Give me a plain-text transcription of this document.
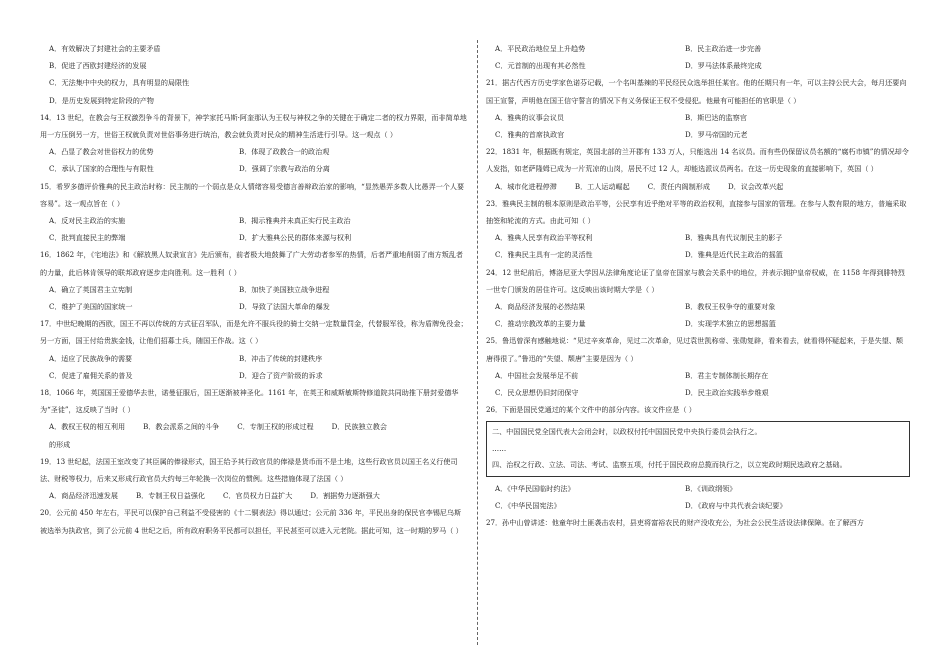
A．有效解决了封建社会的主要矛盾
B．促进了西欧封建经济的发展
C．无法集中中央的权力，具有明显的局限性
D．是历史发展到特定阶段的产物
14．13 世纪，在教会与王权激烈争斗的背景下，神学家托马斯·阿奎那认为王权与神权之争的关键在于确定二者的权力界限，而非简单地用一方压倒另一方，世俗王权就负责对世俗事务进行统治，教会就负责对民众的精神生活进行引导。这一观点（ ）
A．凸显了教会对世俗权力的优势	B．体现了政教合一的政治观
C．承认了国家的合理性与有限性	D．强调了宗教与政治的分离
15．希罗多德评价雅典的民主政治时称：民主制的一个弱点是众人情绪容易受德言善辩政治家的影响，“显然愚弄多数人比愚弄一个人要容易”。这一观点旨在（ ）
A．反对民主政治的实施	B．揭示雅典并未真正实行民主政治
C．批判直接民主的弊端	D．扩大雅典公民的群体来源与权利
16．1862 年，《宅地法》和《解放黑人奴隶宣言》先后颁布，前者极大地鼓舞了广大劳动者参军的热情，后者严重地削弱了南方叛乱者的力量，此后林肯领导的联邦政府逐步走向胜利。这一胜利（ ）
A．确立了英国君主立宪制	B．加快了美国独立战争进程
C．维护了美国的国家统一	D．导致了法国大革命的爆发
17．中世纪晚期的西欧，国王不再以传统的方式征召军队，而是允许不服兵役的骑士交纳一定数量罚金，代替服军役，称为盾牌免役金；另一方面，国王付给贵族金钱，让他们招募士兵，随国王作战。这（ ）
A．适应了民族战争的需要	B．冲击了传统的封建秩序
C．促进了雇佣关系的普及	D．迎合了资产阶级的诉求
18．1066 年，英国国王爱德华去世，诺曼征服后，国王逐渐被神圣化。1161 年，在英王和威斯敏斯特修道院共同助推下册封爱德华为“圣徒”，这反映了当时（ ）
A．教权王权的相互利用	B．教会派系之间的斗争	C．专制王权的形成过程	D．民族独立教会
的形成
19．13 世纪起，法国王室改变了其臣属的俸禄形式，国王给予其行政官员的俸禄是货币而不是土地，这些行政官员以国王名义行使司法、财税等权力，后来又形成行政官员大约每三年轮换一次岗位的惯例。这些措施体现了法国（ ）
A．商品经济迅速发展	B．专制王权日益强化	C．官员权力日益扩大	D．割据势力逐渐强大
20．公元前 450 年左右，平民可以保护自己利益不受侵害的《十二铜表法》得以通过；公元前 336 年，平民出身的保民官李锡尼乌斯被选举为执政官，到了公元前 4 世纪之后，所有政府职务平民都可以担任，平民甚至可以进入元老院。据此可知，这一时期的罗马（ ）
A．平民政治地位呈上升趋势	B．民主政治进一步完善
C．元首制的出现有其必然性	D．罗马法体系最终完成
21．据古代西方历史学家色诺芬记载，一个名叫基辣的平民经民众选举担任某官。他的任期只有一年，可以主持公民大会，每月还要向国王宣誓，声明他在国王信守誓言的情况下有义务保证王权不受侵犯。他最有可能担任的官职是（ ）
A．雅典的议事会议员	B．斯巴达的监察官
C．雅典的首席执政官	D．罗马帝国的元老
22．1831 年，根据既有规定，英国北部的兰开郡有 133 万人，只能选出 14 名议员。而有些仍保留议员名额的“腐朽市镇”的情况却令人发指，如老萨隆姆已成为一片荒凉的山岗，居民不过 12 人，却能选派议员两名。在这一历史现象的直接影响下，英国（ ）
A．城市化进程停滞	B．工人运动崛起	C．责任内阁制形成	D．议会改革兴起
23．雅典民主制的根本原则是政治平等，公民享有近乎绝对平等的政治权利，直接参与国家的管理。在参与人数有限的地方，普遍采取抽签和轮流的方式。由此可知（ ）
A．雅典人民享有政治平等权利	B．雅典具有代议制民主的影子
C．雅典民主具有一定的灵活性	D．雅典是近代民主政治的摇篮
24．12 世纪前后，博洛尼亚大学因从法律角度论证了皇帝在国家与教会关系中的地位，并表示拥护皇帝权威，在 1158 年得到腓特烈一世专门颁发的居住许可。这反映出该时期大学是（ ）
A．商品经济发展的必然结果	B．教权王权争夺的重要对象
C．推动宗教改革的主要力量	D．实现学术独立的思想摇篮
25．鲁迅曾深有感触地说：“见过辛亥革命，见过二次革命，见过袁世凯称帝、张勋复辟，看来看去，就看得怀疑起来，于是失望、颓唐得很了。”鲁迅的“失望、颓唐”主要是因为（ ）
A．中国社会发展举足不前	B．君主专制体制长期存在
C．民众思想仍旧封闭保守	D．民主政治实践举步维艰
26．下面是国民党通过的某个文件中的部分内容。该文件应是（ ）
二、中国国民党全国代表大会闭会时，以政权付托中国国民党中央执行委员会执行之。
……
四、治权之行政、立法、司法、考试、监察五项，付托于国民政府总揽而执行之，以立宪政时期民选政府之基础。
A．《中华民国临时约法》	B．《训政纲领》
C．《中华民国宪法》	D．《政府与中共代表会谈纪要》
27．孙中山曾讲述：他童年时土匪袭击农村，县吏将富裕农民的财产没收充公，为社会公民生活设法律保障。在了解西方
